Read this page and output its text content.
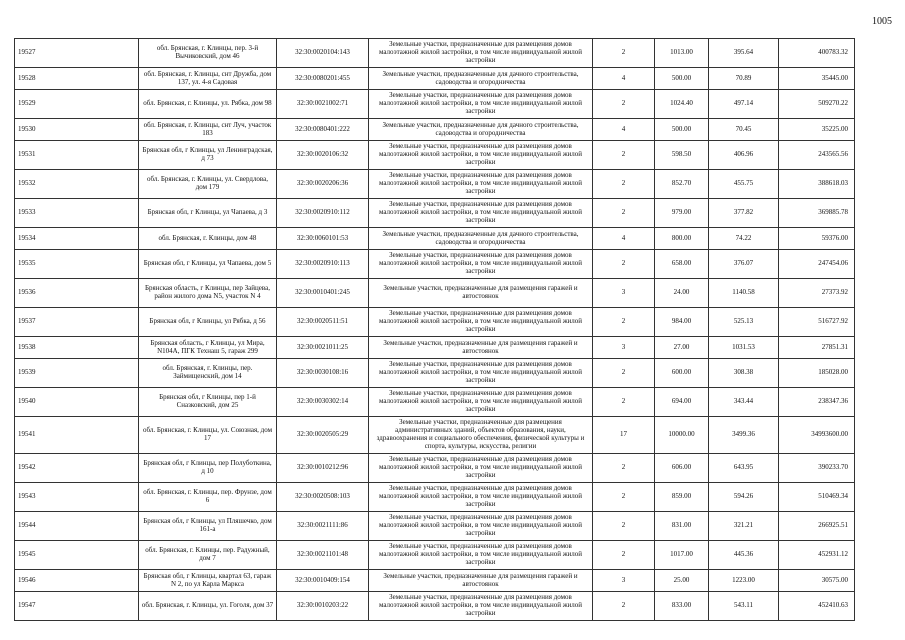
1005
19527	обл. Брянская, г. Клинцы, пер. 3-й Вычиковский, дом 46	32:30:0020104:143	Земельные участки, предназначенные для размещения домов малоэтажной жилой застройки, в том числе индивидуальной жилой застройки	2	1013.00	395.64	400783.32
19528	обл. Брянская, г. Клинцы, снт Дружба, дом 137, ул. 4-я Садовая	32:30:0080201:455	Земельные участки, предназначенные для дачного строительства, садоводства и огородничества	4	500.00	70.89	35445.00
19529	обл. Брянская, г. Клинцы, ул. Рябка, дом 98	32:30:0021002:71	Земельные участки, предназначенные для размещения домов малоэтажной жилой застройки, в том числе индивидуальной жилой застройки	2	1024.40	497.14	509270.22
19530	обл. Брянская, г. Клинцы, снт Луч, участок 183	32:30:0080401:222	Земельные участки, предназначенные для дачного строительства, садоводства и огородничества	4	500.00	70.45	35225.00
19531	Брянская обл, г Клинцы, ул Ленинградская, д 73	32:30:0020106:32	Земельные участки, предназначенные для размещения домов малоэтажной жилой застройки, в том числе индивидуальной жилой застройки	2	598.50	406.96	243565.56
19532	обл. Брянская, г. Клинцы, ул. Свердлова, дом 179	32:30:0020206:36	Земельные участки, предназначенные для размещения домов малоэтажной жилой застройки, в том числе индивидуальной жилой застройки	2	852.70	455.75	388618.03
19533	Брянская обл, г Клинцы, ул Чапаева, д 3	32:30:0020910:112	Земельные участки, предназначенные для размещения домов малоэтажной жилой застройки, в том числе индивидуальной жилой застройки	2	979.00	377.82	369885.78
19534	обл. Брянская, г. Клинцы, дом 48	32:30:0060101:53	Земельные участки, предназначенные для дачного строительства, садоводства и огородничества	4	800.00	74.22	59376.00
19535	Брянская обл, г Клинцы, ул Чапаева, дом 5	32:30:0020910:113	Земельные участки, предназначенные для размещения домов малоэтажной жилой застройки, в том числе индивидуальной жилой застройки	2	658.00	376.07	247454.06
19536	Брянская область, г Клинцы, пер Зайцева, район жилого дома N5, участок N 4	32:30:0010401:245	Земельные участки, предназначенные для размещения гаражей и автостоянок	3	24.00	1140.58	27373.92
19537	Брянская обл, г Клинцы, ул Рябка, д 56	32:30:0020511:51	Земельные участки, предназначенные для размещения домов малоэтажной жилой застройки, в том числе индивидуальной жилой застройки	2	984.00	525.13	516727.92
19538	Брянская область, г Клинцы, ул Мира, N104А, ПГК Технаш 5, гараж 299	32:30:0021011:25	Земельные участки, предназначенные для размещения гаражей и автостоянок	3	27.00	1031.53	27851.31
19539	обл. Брянская, г. Клинцы, пер. Займищенский, дом 14	32:30:0030108:16	Земельные участки, предназначенные для размещения домов малоэтажной жилой застройки, в том числе индивидуальной жилой застройки	2	600.00	308.38	185028.00
19540	Брянская обл, г Клинцы, пер 1-й Сназковский, дом 25	32:30:0030302:14	Земельные участки, предназначенные для размещения домов малоэтажной жилой застройки, в том числе индивидуальной жилой застройки	2	694.00	343.44	238347.36
19541	обл. Брянская, г. Клинцы, ул. Союзная, дом 17	32:30:0020505:29	Земельные участки, предназначенные для размещения административных зданий, объектов образования, науки, здравоохранения и социального обеспечения, физической культуры и спорта, культуры, искусства, религии	17	10000.00	3499.36	34993600.00
19542	Брянская обл, г Клинцы, пер Полуботкина, д 10	32:30:0010212:96	Земельные участки, предназначенные для размещения домов малоэтажной жилой застройки, в том числе индивидуальной жилой застройки	2	606.00	643.95	390233.70
19543	обл. Брянская, г. Клинцы, пер. Фрунзе, дом 6	32:30:0020508:103	Земельные участки, предназначенные для размещения домов малоэтажной жилой застройки, в том числе индивидуальной жилой застройки	2	859.00	594.26	510469.34
19544	Брянская обл, г Клинцы, ул Пляшечко, дом 161-а	32:30:0021111:86	Земельные участки, предназначенные для размещения домов малоэтажной жилой застройки, в том числе индивидуальной жилой застройки	2	831.00	321.21	266925.51
19545	обл. Брянская, г. Клинцы, пер. Радужный, дом 7	32:30:0021101:48	Земельные участки, предназначенные для размещения домов малоэтажной жилой застройки, в том числе индивидуальной жилой застройки	2	1017.00	445.36	452931.12
19546	Брянская обл, г Клинцы, квартал 63, гараж N 2, по ул Карла Маркса	32:30:0010409:154	Земельные участки, предназначенные для размещения гаражей и автостоянок	3	25.00	1223.00	30575.00
19547	обл. Брянская, г. Клинцы, ул. Гоголя, дом 37	32:30:0010203:22	Земельные участки, предназначенные для размещения домов малоэтажной жилой застройки, в том числе индивидуальной жилой застройки	2	833.00	543.11	452410.63
